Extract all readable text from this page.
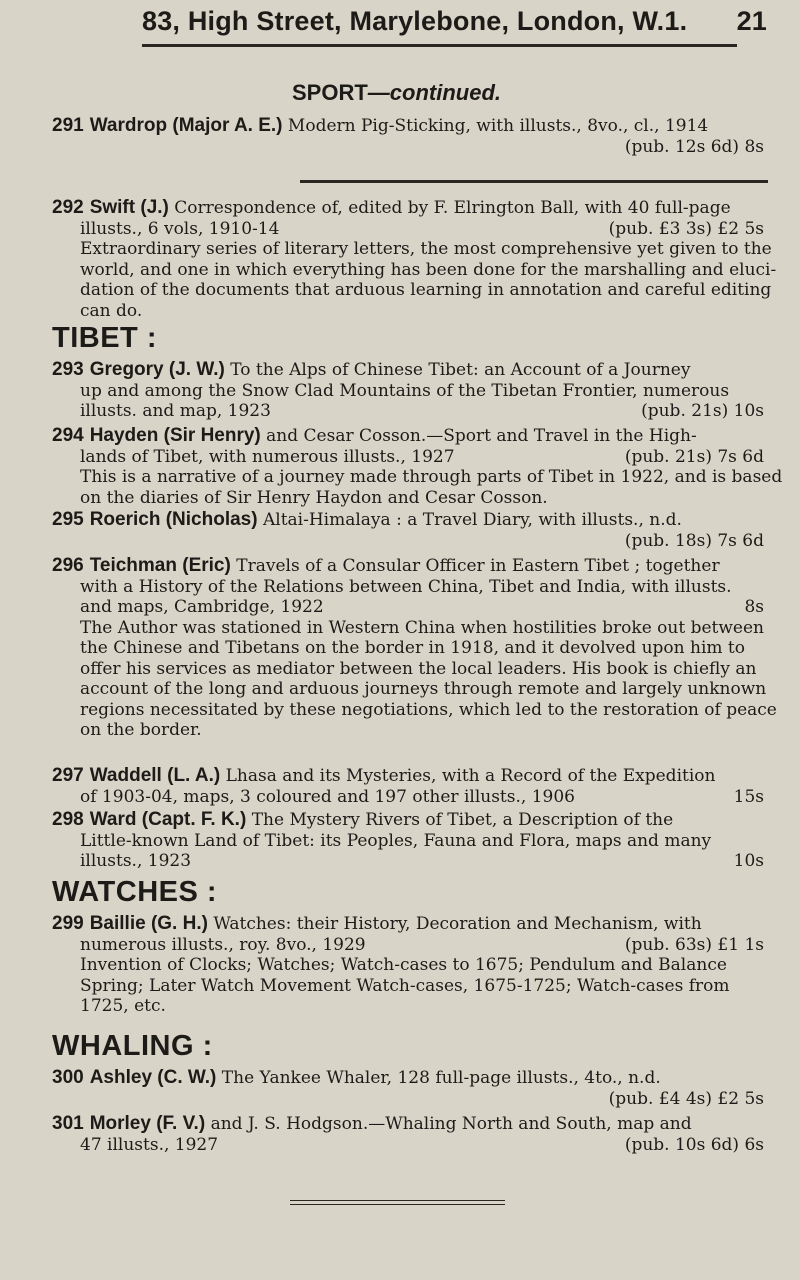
83, High Street, Marylebone, London, W.1. 21
SPORT—continued.
291 Wardrop (Major A. E.) Modern Pig-Sticking, with illusts., 8vo., cl., 1914
(pub. 12s 6d) 8s
292 Swift (J.) Correspondence of, edited by F. Elrington Ball, with 40 full-page
illusts., 6 vols, 1910-14	(pub. £3 3s) £2 5s
Extraordinary series of literary letters, the most comprehensive yet given to the
world, and one in which everything has been done for the marshalling and eluci-
dation of the documents that arduous learning in annotation and careful editing
can do.
TIBET :
293 Gregory (J. W.) To the Alps of Chinese Tibet: an Account of a Journey
up and among the Snow Clad Mountains of the Tibetan Frontier, numerous
illusts. and map, 1923	(pub. 21s) 10s
294 Hayden (Sir Henry) and Cesar Cosson.—Sport and Travel in the High-
lands of Tibet, with numerous illusts., 1927	(pub. 21s) 7s 6d
This is a narrative of a journey made through parts of Tibet in 1922, and is based
on the diaries of Sir Henry Haydon and Cesar Cosson.
295 Roerich (Nicholas) Altai-Himalaya : a Travel Diary, with illusts., n.d.
(pub. 18s) 7s 6d
296 Teichman (Eric) Travels of a Consular Officer in Eastern Tibet ; together
with a History of the Relations between China, Tibet and India, with illusts.
and maps, Cambridge, 1922	8s
The Author was stationed in Western China when hostilities broke out between
the Chinese and Tibetans on the border in 1918, and it devolved upon him to
offer his services as mediator between the local leaders. His book is chiefly an
account of the long and arduous journeys through remote and largely unknown
regions necessitated by these negotiations, which led to the restoration of peace
on the border.
297 Waddell (L. A.) Lhasa and its Mysteries, with a Record of the Expedition
of 1903-04, maps, 3 coloured and 197 other illusts., 1906	15s
298 Ward (Capt. F. K.) The Mystery Rivers of Tibet, a Description of the
Little-known Land of Tibet: its Peoples, Fauna and Flora, maps and many
illusts., 1923	10s
WATCHES :
299 Baillie (G. H.) Watches: their History, Decoration and Mechanism, with
numerous illusts., roy. 8vo., 1929	(pub. 63s) £1 1s
Invention of Clocks; Watches; Watch-cases to 1675; Pendulum and Balance
Spring; Later Watch Movement Watch-cases, 1675-1725; Watch-cases from
1725, etc.
WHALING :
300 Ashley (C. W.) The Yankee Whaler, 128 full-page illusts., 4to., n.d.
(pub. £4 4s) £2 5s
301 Morley (F. V.) and J. S. Hodgson.—Whaling North and South, map and
47 illusts., 1927	(pub. 10s 6d) 6s
